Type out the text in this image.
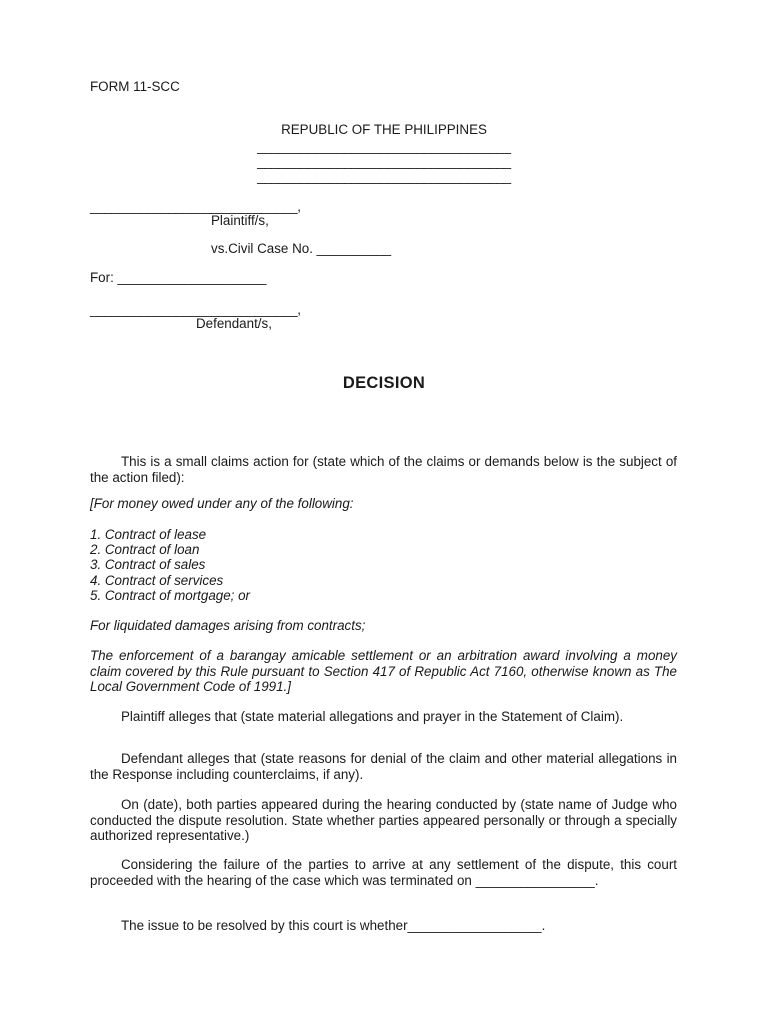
FORM 11-SCC
REPUBLIC OF THE PHILIPPINES
___________________________________
___________________________________
___________________________________
_____________________________,
Plaintiff/s,
vs.Civil Case No. __________
For: ____________________
_____________________________,
Defendant/s,
DECISION
This is a small claims action for (state which of the claims or demands below is the subject of the action filed):
[For money owed under any of the following:
1. Contract of lease
2. Contract of loan
3. Contract of sales
4. Contract of services
5. Contract of mortgage; or
For liquidated damages arising from contracts;
The enforcement of a barangay amicable settlement or an arbitration award involving a money claim covered by this Rule pursuant to Section 417 of Republic Act 7160, otherwise known as The Local Government Code of 1991.]
Plaintiff alleges that (state material allegations and prayer in the Statement of Claim).
Defendant alleges that (state reasons for denial of the claim and other material allegations in the Response including counterclaims, if any).
On (date), both parties appeared during the hearing conducted by (state name of Judge who conducted the dispute resolution. State whether parties appeared personally or through a specially authorized representative.)
Considering the failure of the parties to arrive at any settlement of the dispute, this court proceeded with the hearing of the case which was terminated on ________________.
The issue to be resolved by this court is whether__________________.
